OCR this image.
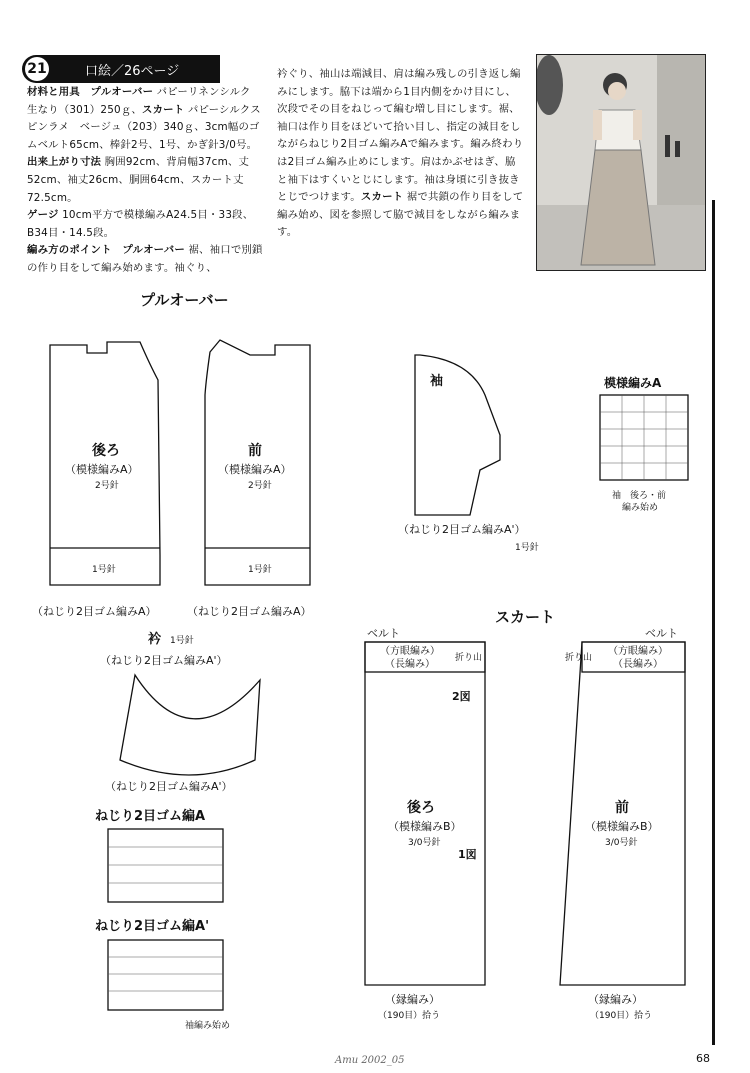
21	口絵／26ページ
材料と用具　 プルオーバー パピーリネンシルク　生なり（301）250ｇ、スカート パピーシルクスピンラメ　ベージュ（203）340ｇ、3cm幅のゴムベルト65cm、棒針2号、1号、かぎ針3/0号。
出来上がり寸法 胸囲92cm、背肩幅37cm、丈52cm、袖丈26cm、胴囲64cm、スカート丈72.5cm。
ゲージ 10cm平方で模様編みA24.5目・33段、B34目・14.5段。
編み方のポイント　 プルオーバー 裾、袖口で別鎖の作り目をして編み始めます。袖ぐり、
衿ぐり、袖山は端減目、肩は編み残しの引き返し編みにします。脇下は端から1目内側をかけ目にし、次段でその目をねじって編む増し目にします。裾、袖口は作り目をほどいて拾い目し、指定の減目をしながらねじり2目ゴム編みAで編みます。編み終わりは2目ゴム編み止めにします。肩はかぶせはぎ、脇と袖下はすくいとじにします。袖は身頃に引き抜きとじでつけます。スカート 裾で共鎖の作り目をして編み始め、図を参照して脇で減目をしながら編みます。
プルオーバー
後ろ
（模様編みA）
2号針
前
（模様編みA）
2号針
1号針	1号針
（ねじり2目ゴム編みA）	（ねじり2目ゴム編みA）
袖
（ねじり2目ゴム編みA'）
1号針
模様編みA
袖　後ろ・前
編み始め
衿 1号針
（ねじり2目ゴム編みA'）
（ねじり2目ゴム編みA'）
ねじり2目ゴム編A
ねじり2目ゴム編A'
袖編み始め
スカート
ベルト	ベルト
（方眼編み）
（長編み）
（方眼編み）
（長編み）
折り山	折り山
2図
1図
後ろ
（模様編みB）
3/0号針
前
（模様編みB）
3/0号針
（縁編み）
（190目）拾う
（縁編み）
（190目）拾う
Amu 2002_05	68
